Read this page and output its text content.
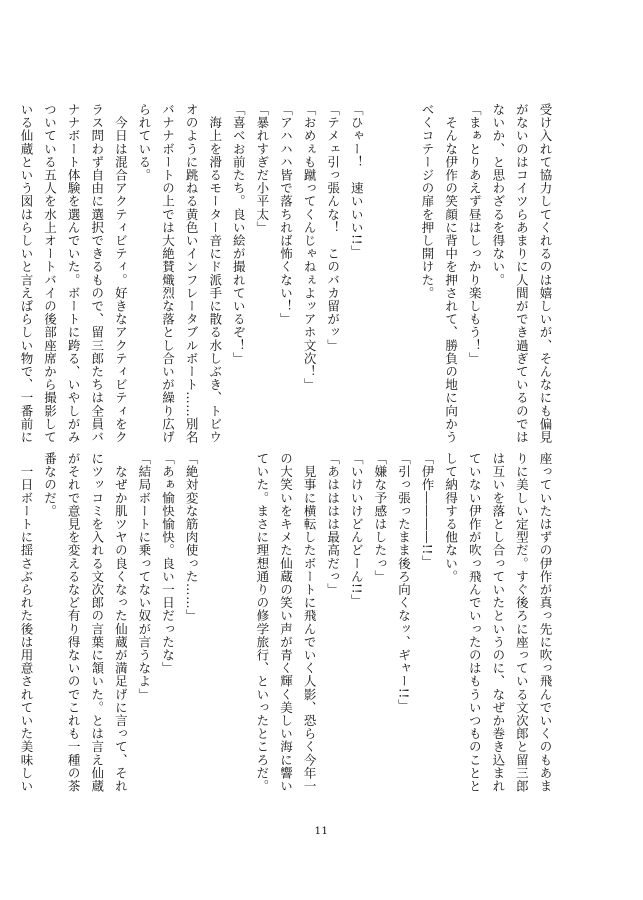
受け入れて協力してくれるのは嬉しいが、そんなにも偏見
がないのはコイツらあまりに人間ができ過ぎているのでは
ないか、と思わざるを得ない。
「まぁとりあえず昼はしっかり楽しもう！」
　そんな伊作の笑顔に背中を押されて、勝負の地に向かう
べくコテージの扉を押し開けた。

「ひゃー！　速いいい!!」
「テメェ引っ張んな！　このバカ留がッ」
「おめぇも蹴ってくんじゃねぇよッアホ文次！」
「アハハハ皆で落ちれば怖くない！」
「暴れすぎだ小平太」
「喜べお前たち。良い絵が撮れているぞ！」
　海上を滑るモーター音にド派手に散る水しぶき、トビウ
オのように跳ねる黄色いインフレータブルボート……別名
バナナボートの上では大絶賛熾烈な落とし合いが繰り広げ
られている。
　今日は混合アクティビティ。好きなアクティビティをク
ラス問わず自由に選択できるもので、留三郎たちは全員バ
ナナボート体験を選んでいた。ボートに跨る、いやしがみ
ついている五人を水上オートバイの後部座席から撮影して
いる仙蔵という図はらしいと言えばらしい物で、一番前に
座っていたはずの伊作が真っ先に吹っ飛んでいくのもあま
りに美しい定型だ。すぐ後ろに座っている文次郎と留三郎
は互いを落とし合っていたというのに、なぜか巻き込まれ
ていない伊作が吹っ飛んでいったのはもういつものことと
して納得する他ない。
「伊作――――!!」
「引っ張ったまま後ろ向くなッ、ギャー!!」
「嫌な予感はしたっ」
「いけいけどんどーん!!」
「あはははは最高だっ」
　見事に横転したボートに飛んでいく人影、恐らく今年一
の大笑いをキメた仙蔵の笑い声が青く輝く美しい海に響い
ていた。まさに理想通りの修学旅行、といったところだ。

「絶対変な筋肉使った……」
「あぁ愉快愉快。良い一日だったな」
「結局ボートに乗ってない奴が言うなよ」
　なぜか肌ツヤの良くなった仙蔵が満足げに言って、それ
にツッコミを入れる文次郎の言葉に頷いた。とは言え仙蔵
がそれで意見を変えるなど有り得ないのでこれも一種の茶
番なのだ。
　一日ボートに揺さぶられた後は用意されていた美味しい
11
